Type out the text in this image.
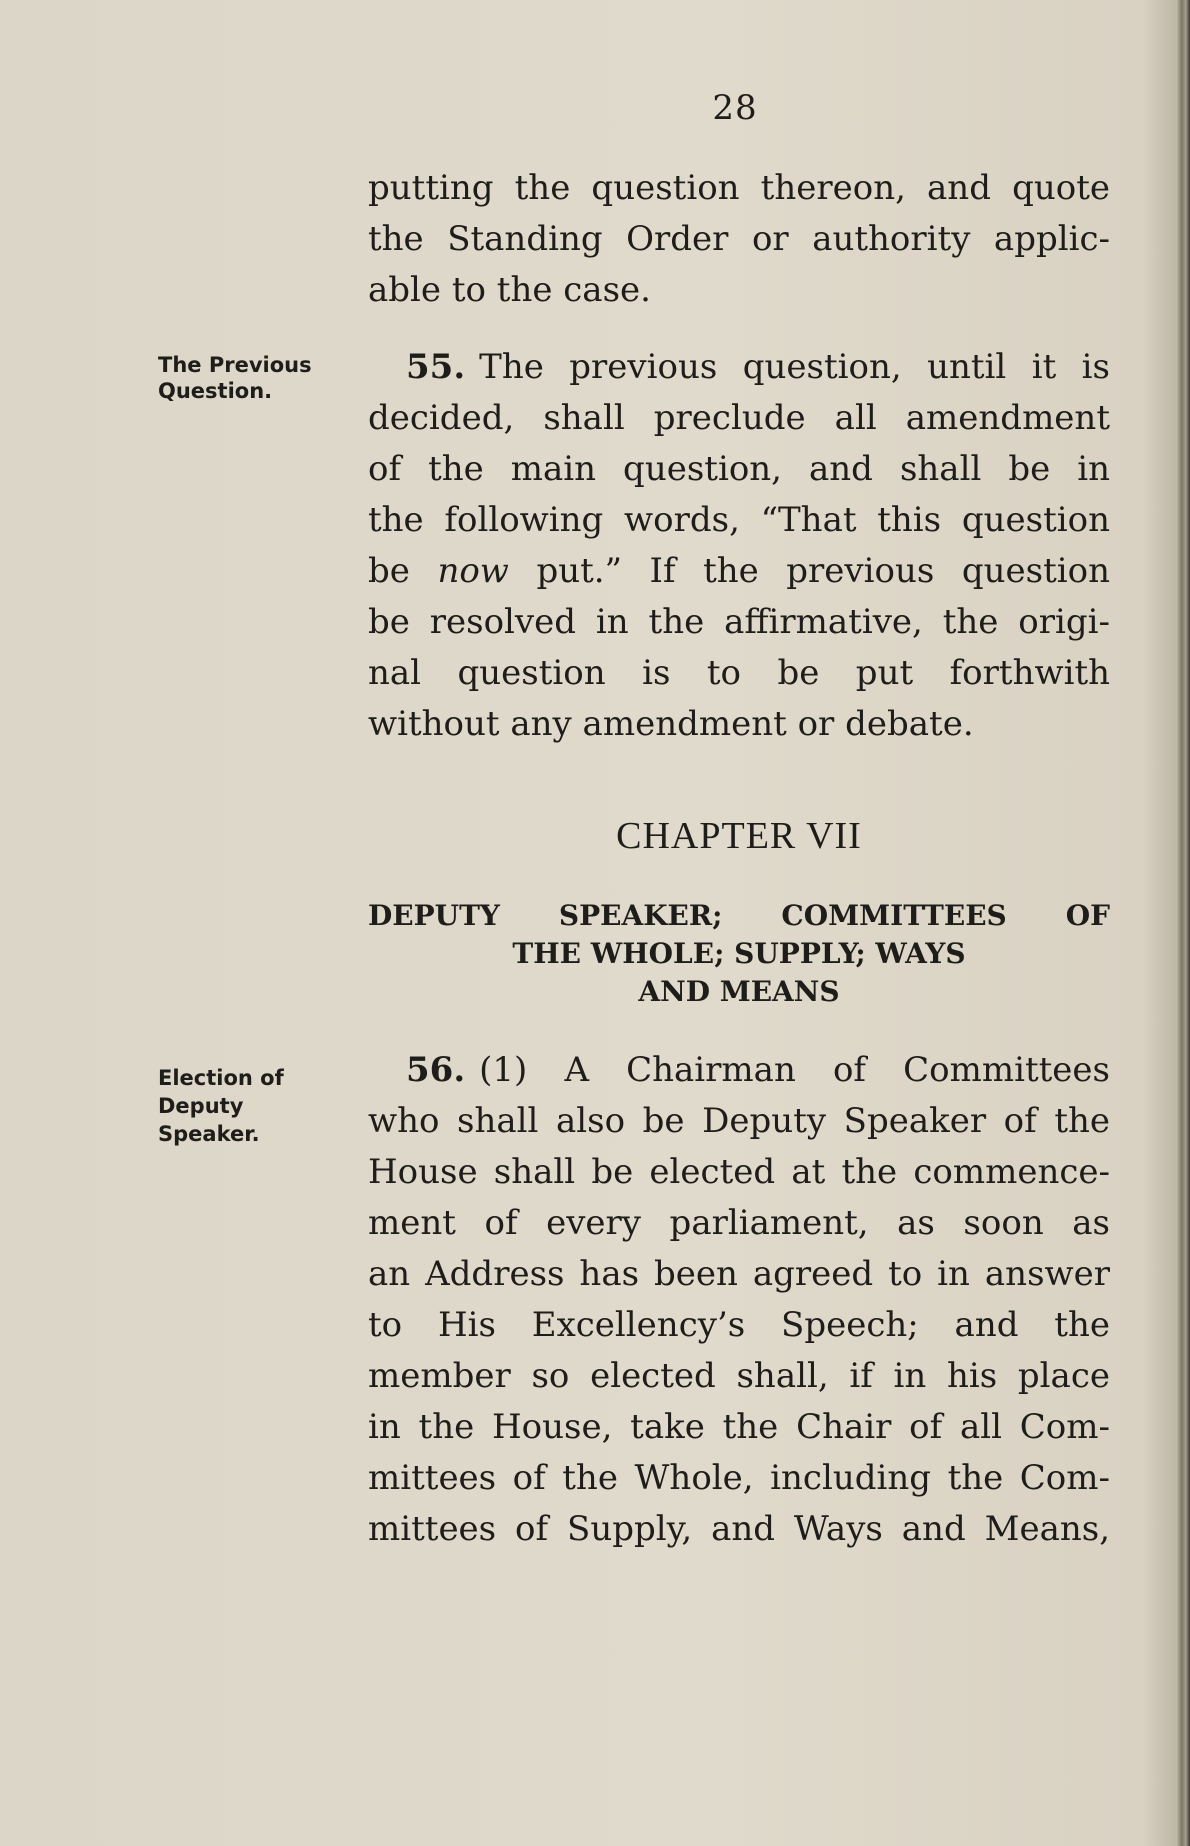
28

putting the question thereon, and quote
the Standing Order or authority applic-
able to the case.

The Previous
Question.

55. The previous question, until it is
decided, shall preclude all amendment
of the main question, and shall be in
the following words, “That this question
be now put.” If the previous question
be resolved in the affirmative, the origi-
nal question is to be put forthwith
without any amendment or debate.

CHAPTER VII
DEPUTY SPEAKER; COMMITTEES OF
THE WHOLE; SUPPLY; WAYS
AND MEANS
Election of
Deputy
Speaker.

56. (1) A Chairman of Committees
who shall also be Deputy Speaker of the
House shall be elected at the commence-
ment of every parliament, as soon as
an Address has been agreed to in answer
to His Excellency’s Speech; and the
member so elected shall, if in his place
in the House, take the Chair of all Com-
mittees of the Whole, including the Com-
mittees of Supply, and Ways and Means,
